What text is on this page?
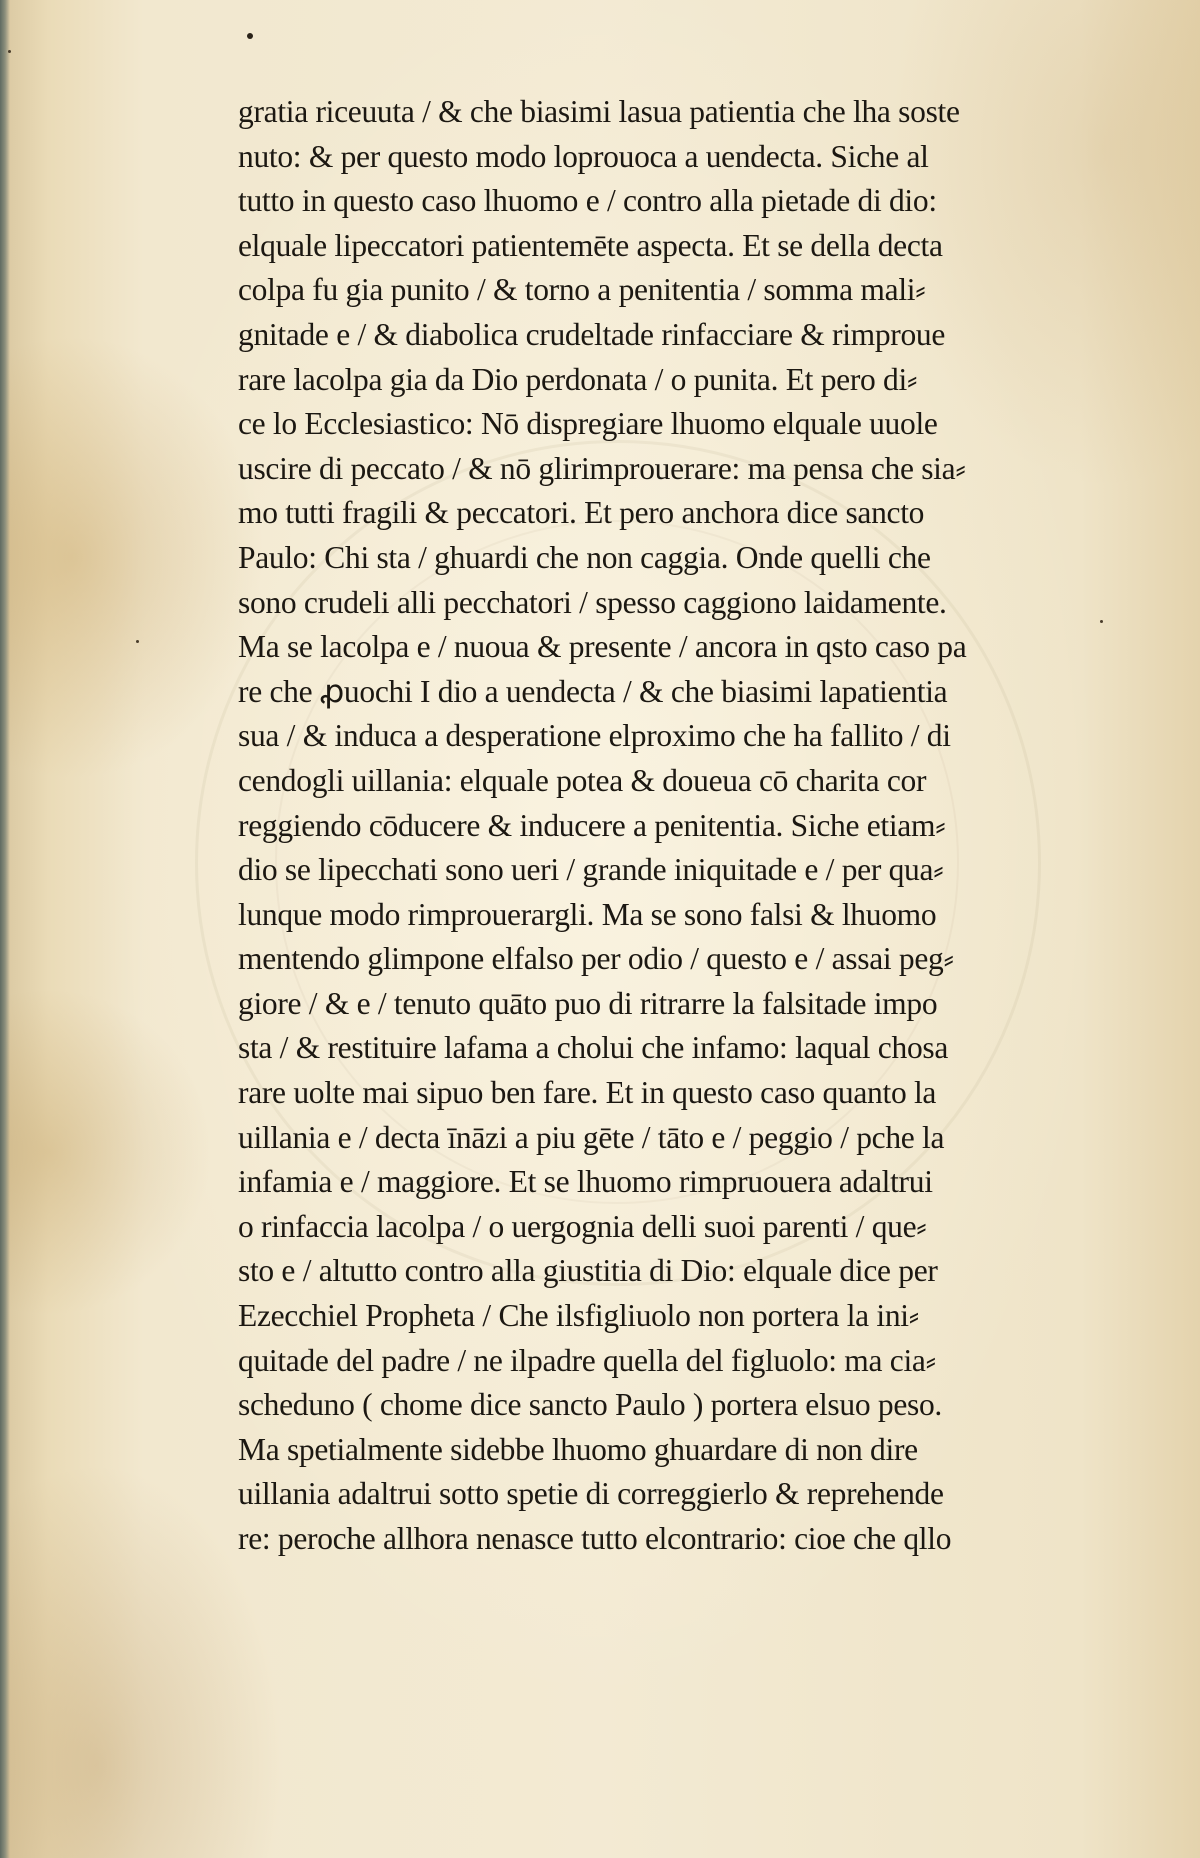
gratia riceuuta / & che biasimi lasua patientia che lha soste
nuto: & per questo modo loprouoca a uendecta. Siche al
tutto in questo caso lhuomo e / contro alla pietade di dio:
elquale lipeccatori patientemēte aspecta. Et se della decta
colpa fu gia punito / & torno a penitentia / somma mali⸗
gnitade e / & diabolica crudeltade rinfacciare & rimproue
rare lacolpa gia da Dio perdonata / o punita. Et pero di⸗
ce lo Ecclesiastico: Nō dispregiare lhuomo elquale uuole
uscire di peccato / & nō glirimprouerare: ma pensa che sia⸗
mo tutti fragili & peccatori. Et pero anchora dice sancto
Paulo: Chi sta / ghuardi che non caggia. Onde quelli che
sono crudeli alli pecchatori / spesso caggiono laidamente.
Ma se lacolpa e / nuoua & presente / ancora in qsto caso pa
re che ꝓuochi I dio a uendecta / & che biasimi lapatientia
sua / & induca a desperatione elproximo che ha fallito / di
cendogli uillania: elquale potea & doueua cō charita cor
reggiendo cōducere & inducere a penitentia. Siche etiam⸗
dio se lipecchati sono ueri / grande iniquitade e / per qua⸗
lunque modo rimprouerargli. Ma se sono falsi & lhuomo
mentendo glimpone elfalso per odio / questo e / assai peg⸗
giore / & e / tenuto quāto puo di ritrarre la falsitade impo
sta / & restituire lafama a cholui che infamo: laqual chosa
rare uolte mai sipuo ben fare. Et in questo caso quanto la
uillania e / decta īnāzi a piu gēte / tāto e / peggio / pche la
infamia e / maggiore. Et se lhuomo rimpruouera adaltrui
o rinfaccia lacolpa / o uergognia delli suoi parenti / que⸗
sto e / altutto contro alla giustitia di Dio: elquale dice per
Ezecchiel Propheta / Che ilsfigliuolo non portera la ini⸗
quitade del padre / ne ilpadre quella del figluolo: ma cia⸗
scheduno ( chome dice sancto Paulo ) portera elsuo peso.
Ma spetialmente sidebbe lhuomo ghuardare di non dire
uillania adaltrui sotto spetie di correggierlo & reprehende
re: peroche allhora nenasce tutto elcontrario: cioe che qllo
